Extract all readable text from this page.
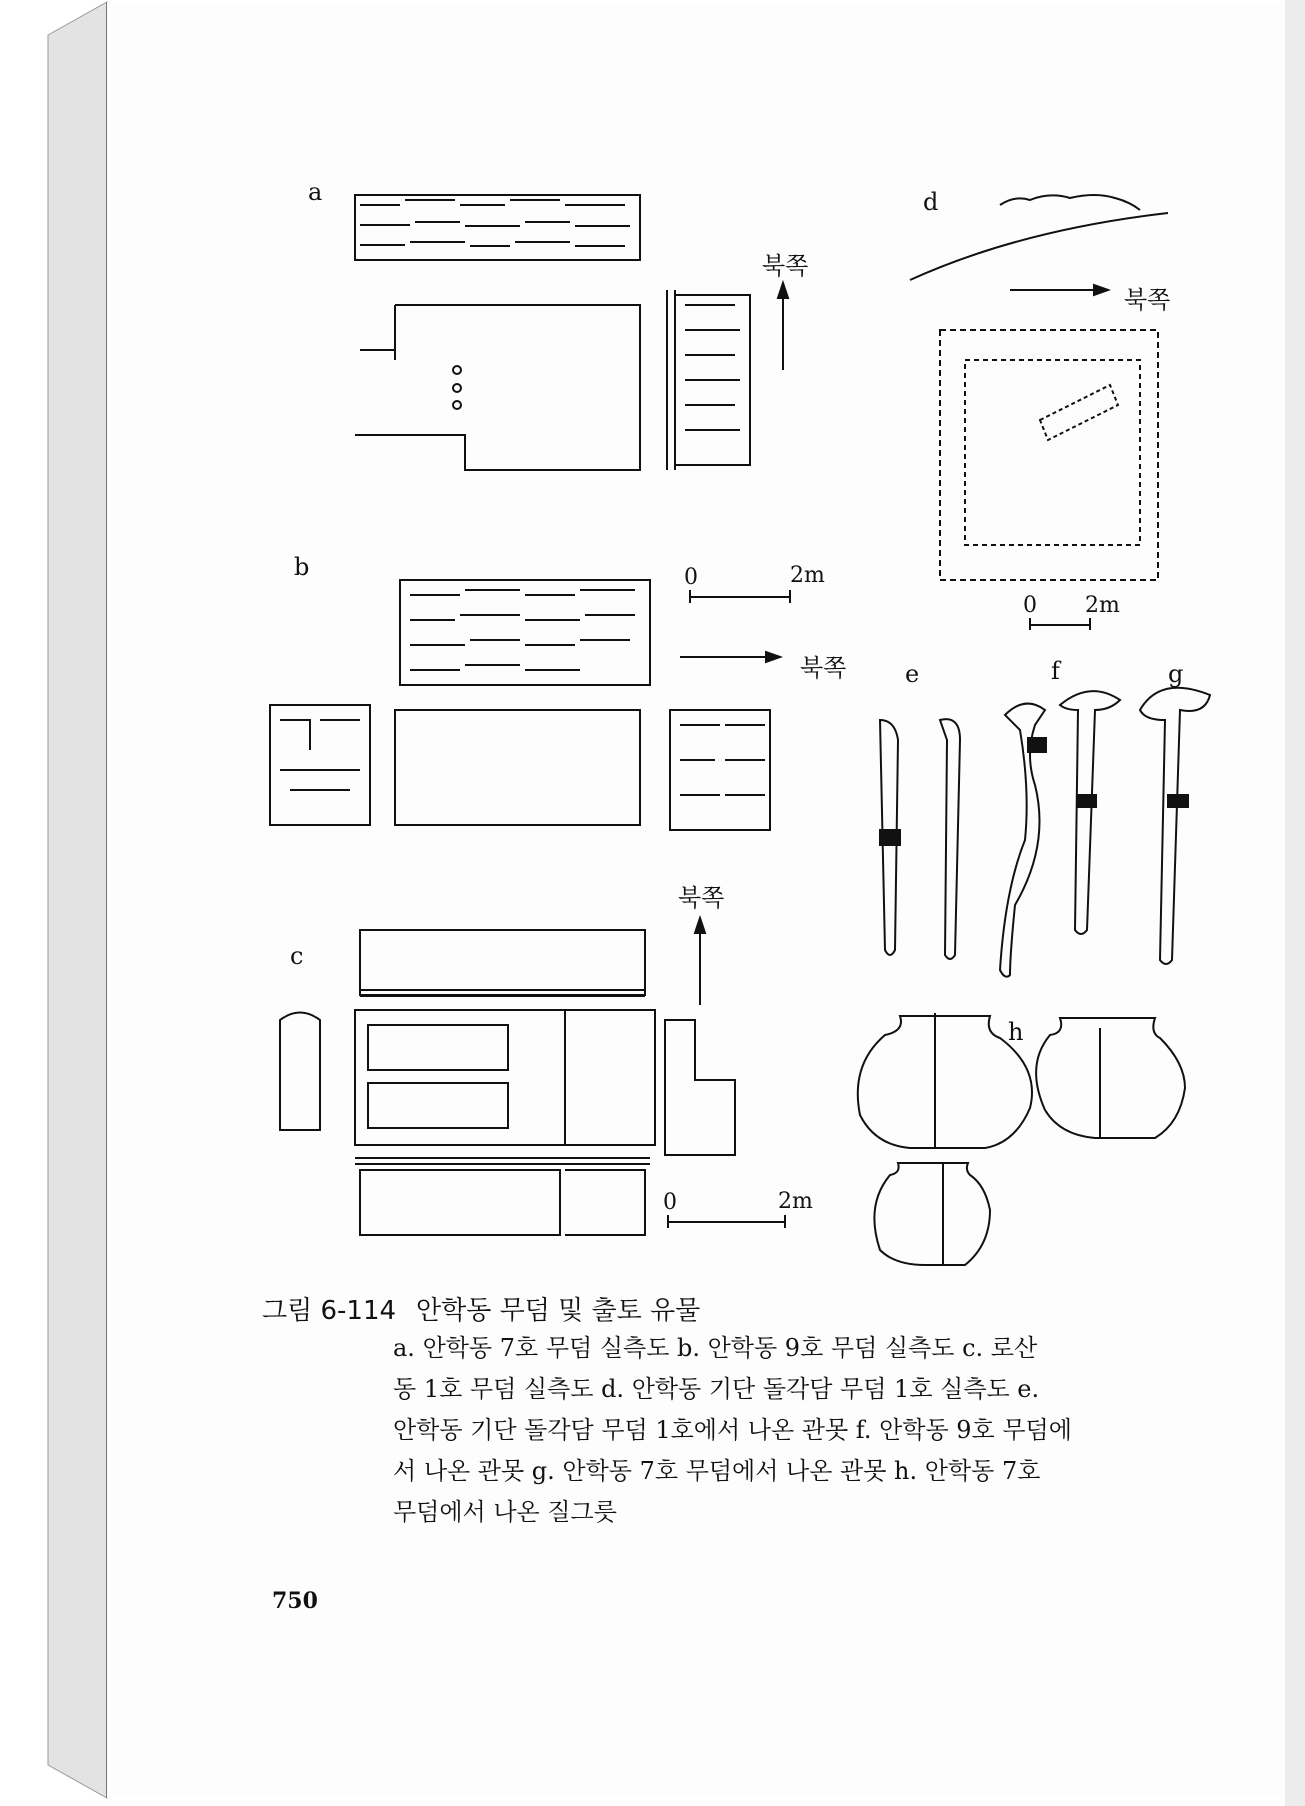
a
b
c
d
e	f	g
h
북쪽
북쪽
북쪽
북쪽
0	2m
0 2m
0	2m
그림 6-114 안학동 무덤 및 출토 유물
a. 안학동 7호 무덤 실측도 b. 안학동 9호 무덤 실측도 c. 로산
동 1호 무덤 실측도 d. 안학동 기단 돌각담 무덤 1호 실측도 e.
안학동 기단 돌각담 무덤 1호에서 나온 관못 f. 안학동 9호 무덤에
서 나온 관못 g. 안학동 7호 무덤에서 나온 관못 h. 안학동 7호
무덤에서 나온 질그릇
750
